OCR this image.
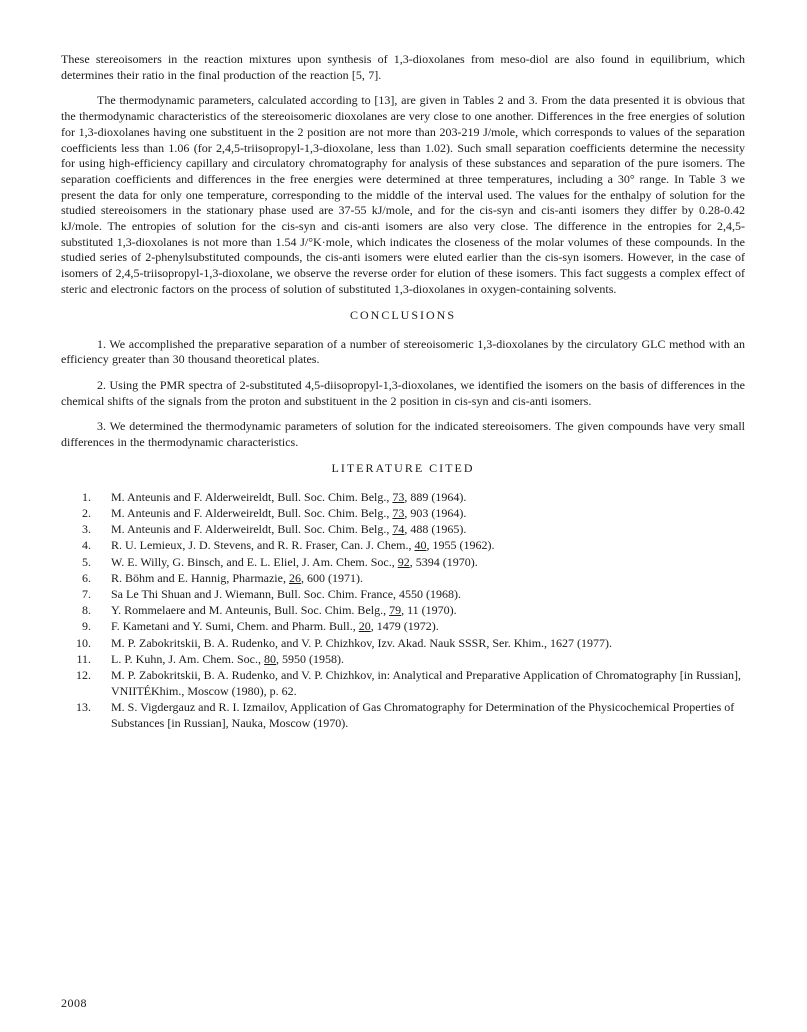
These stereoisomers in the reaction mixtures upon synthesis of 1,3-dioxolanes from meso-diol are also found in equilibrium, which determines their ratio in the final production of the reaction [5, 7].

The thermodynamic parameters, calculated according to [13], are given in Tables 2 and 3. From the data presented it is obvious that the thermodynamic characteristics of the stereoisomeric dioxolanes are very close to one another. Differences in the free energies of solution for 1,3-dioxolanes having one substituent in the 2 position are not more than 203-219 J/mole, which corresponds to values of the separation coefficients less than 1.06 (for 2,4,5-triisopropyl-1,3-dioxolane, less than 1.02). Such small separation coefficients determine the necessity for using high-efficiency capillary and circulatory chromatography for analysis of these substances and separation of the pure isomers. The separation coefficients and differences in the free energies were determined at three temperatures, including a 30° range. In Table 3 we present the data for only one temperature, corresponding to the middle of the interval used. The values for the enthalpy of solution for the studied stereoisomers in the stationary phase used are 37-55 kJ/mole, and for the cis-syn and cis-anti isomers they differ by 0.28-0.42 kJ/mole. The entropies of solution for the cis-syn and cis-anti isomers are also very close. The difference in the entropies for 2,4,5-substituted 1,3-dioxolanes is not more than 1.54 J/°K·mole, which indicates the closeness of the molar volumes of these compounds. In the studied series of 2-phenylsubstituted compounds, the cis-anti isomers were eluted earlier than the cis-syn isomers. However, in the case of isomers of 2,4,5-triisopropyl-1,3-dioxolane, we observe the reverse order for elution of these isomers. This fact suggests a complex effect of steric and electronic factors on the process of solution of substituted 1,3-dioxolanes in oxygen-containing solvents.

CONCLUSIONS

1. We accomplished the preparative separation of a number of stereoisomeric 1,3-dioxolanes by the circulatory GLC method with an efficiency greater than 30 thousand theoretical plates.

2. Using the PMR spectra of 2-substituted 4,5-diisopropyl-1,3-dioxolanes, we identified the isomers on the basis of differences in the chemical shifts of the signals from the proton and substituent in the 2 position in cis-syn and cis-anti isomers.

3. We determined the thermodynamic parameters of solution for the indicated stereoisomers. The given compounds have very small differences in the thermodynamic characteristics.

LITERATURE CITED
1.	M. Anteunis and F. Alderweireldt, Bull. Soc. Chim. Belg., 73, 889 (1964).
2.	M. Anteunis and F. Alderweireldt, Bull. Soc. Chim. Belg., 73, 903 (1964).
3.	M. Anteunis and F. Alderweireldt, Bull. Soc. Chim. Belg., 74, 488 (1965).
4.	R. U. Lemieux, J. D. Stevens, and R. R. Fraser, Can. J. Chem., 40, 1955 (1962).
5.	W. E. Willy, G. Binsch, and E. L. Eliel, J. Am. Chem. Soc., 92, 5394 (1970).
6.	R. Böhm and E. Hannig, Pharmazie, 26, 600 (1971).
7.	Sa Le Thi Shuan and J. Wiemann, Bull. Soc. Chim. France, 4550 (1968).
8.	Y. Rommelaere and M. Anteunis, Bull. Soc. Chim. Belg., 79, 11 (1970).
9.	F. Kametani and Y. Sumi, Chem. and Pharm. Bull., 20, 1479 (1972).
10.	M. P. Zabokritskii, B. A. Rudenko, and V. P. Chizhkov, Izv. Akad. Nauk SSSR, Ser. Khim., 1627 (1977).
11.	L. P. Kuhn, J. Am. Chem. Soc., 80, 5950 (1958).
12.	M. P. Zabokritskii, B. A. Rudenko, and V. P. Chizhkov, in: Analytical and Preparative Application of Chromatography [in Russian], VNIITÉKhim., Moscow (1980), p. 62.
13.	M. S. Vigdergauz and R. I. Izmailov, Application of Gas Chromatography for Determination of the Physicochemical Properties of Substances [in Russian], Nauka, Moscow (1970).
2008
